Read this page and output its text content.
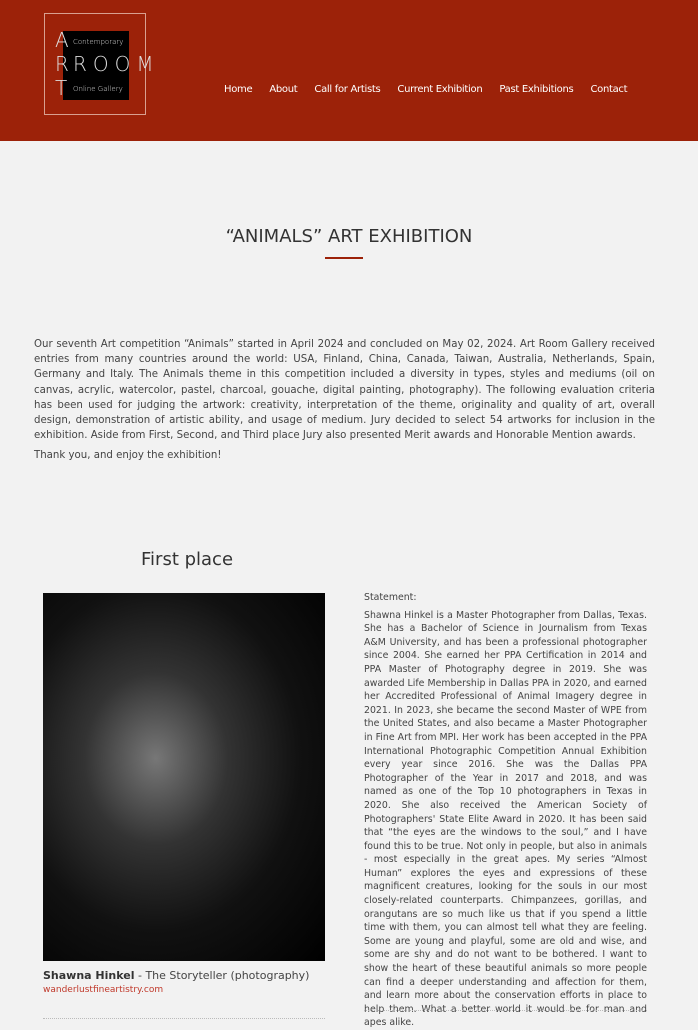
A
R
T
ROOM
Contemporary
Online Gallery	Home About Call for Artists Current Exhibition Past Exhibitions Contact
“ANIMALS” ART EXHIBITION

Our seventh Art competition “Animals” started in April 2024 and concluded on May 02, 2024. Art Room Gallery received entries from many countries around the world: USA, Finland, China, Canada, Taiwan, Australia, Netherlands, Spain, Germany and Italy. The Animals theme in this competition included a diversity in types, styles and mediums (oil on canvas, acrylic, watercolor, pastel, charcoal, gouache, digital painting, photography). The following evaluation criteria has been used for judging the artwork: creativity, interpretation of the theme, originality and quality of art, overall design, demonstration of artistic ability, and usage of medium. Jury decided to select 54 artworks for inclusion in the exhibition. Aside from First, Second, and Third place Jury also presented Merit awards and Honorable Mention awards.

Thank you, and enjoy the exhibition!

First place
Shawna Hinkel - The Storyteller (photography)
wanderlustfineartistry.com
Statement:
Shawna Hinkel is a Master Photographer from Dallas, Texas. She has a Bachelor of Science in Journalism from Texas A&M University, and has been a professional photographer since 2004. She earned her PPA Certification in 2014 and PPA Master of Photography degree in 2019. She was awarded Life Membership in Dallas PPA in 2020, and earned her Accredited Professional of Animal Imagery degree in 2021. In 2023, she became the second Master of WPE from the United States, and also became a Master Photographer in Fine Art from MPI. Her work has been accepted in the PPA International Photographic Competition Annual Exhibition every year since 2016. She was the Dallas PPA Photographer of the Year in 2017 and 2018, and was named as one of the Top 10 photographers in Texas in 2020. She also received the American Society of Photographers' State Elite Award in 2020. It has been said that “the eyes are the windows to the soul,” and I have found this to be true. Not only in people, but also in animals - most especially in the great apes. My series “Almost Human” explores the eyes and expressions of these magnificent creatures, looking for the souls in our most closely-related counterparts. Chimpanzees, gorillas, and orangutans are so much like us that if you spend a little time with them, you can almost tell what they are feeling. Some are young and playful, some are old and wise, and some are shy and do not want to be bothered. I want to show the heart of these beautiful animals so more people can find a deeper understanding and affection for them, and learn more about the conservation efforts in place to help them. What a better world it would be for man and apes alike.
